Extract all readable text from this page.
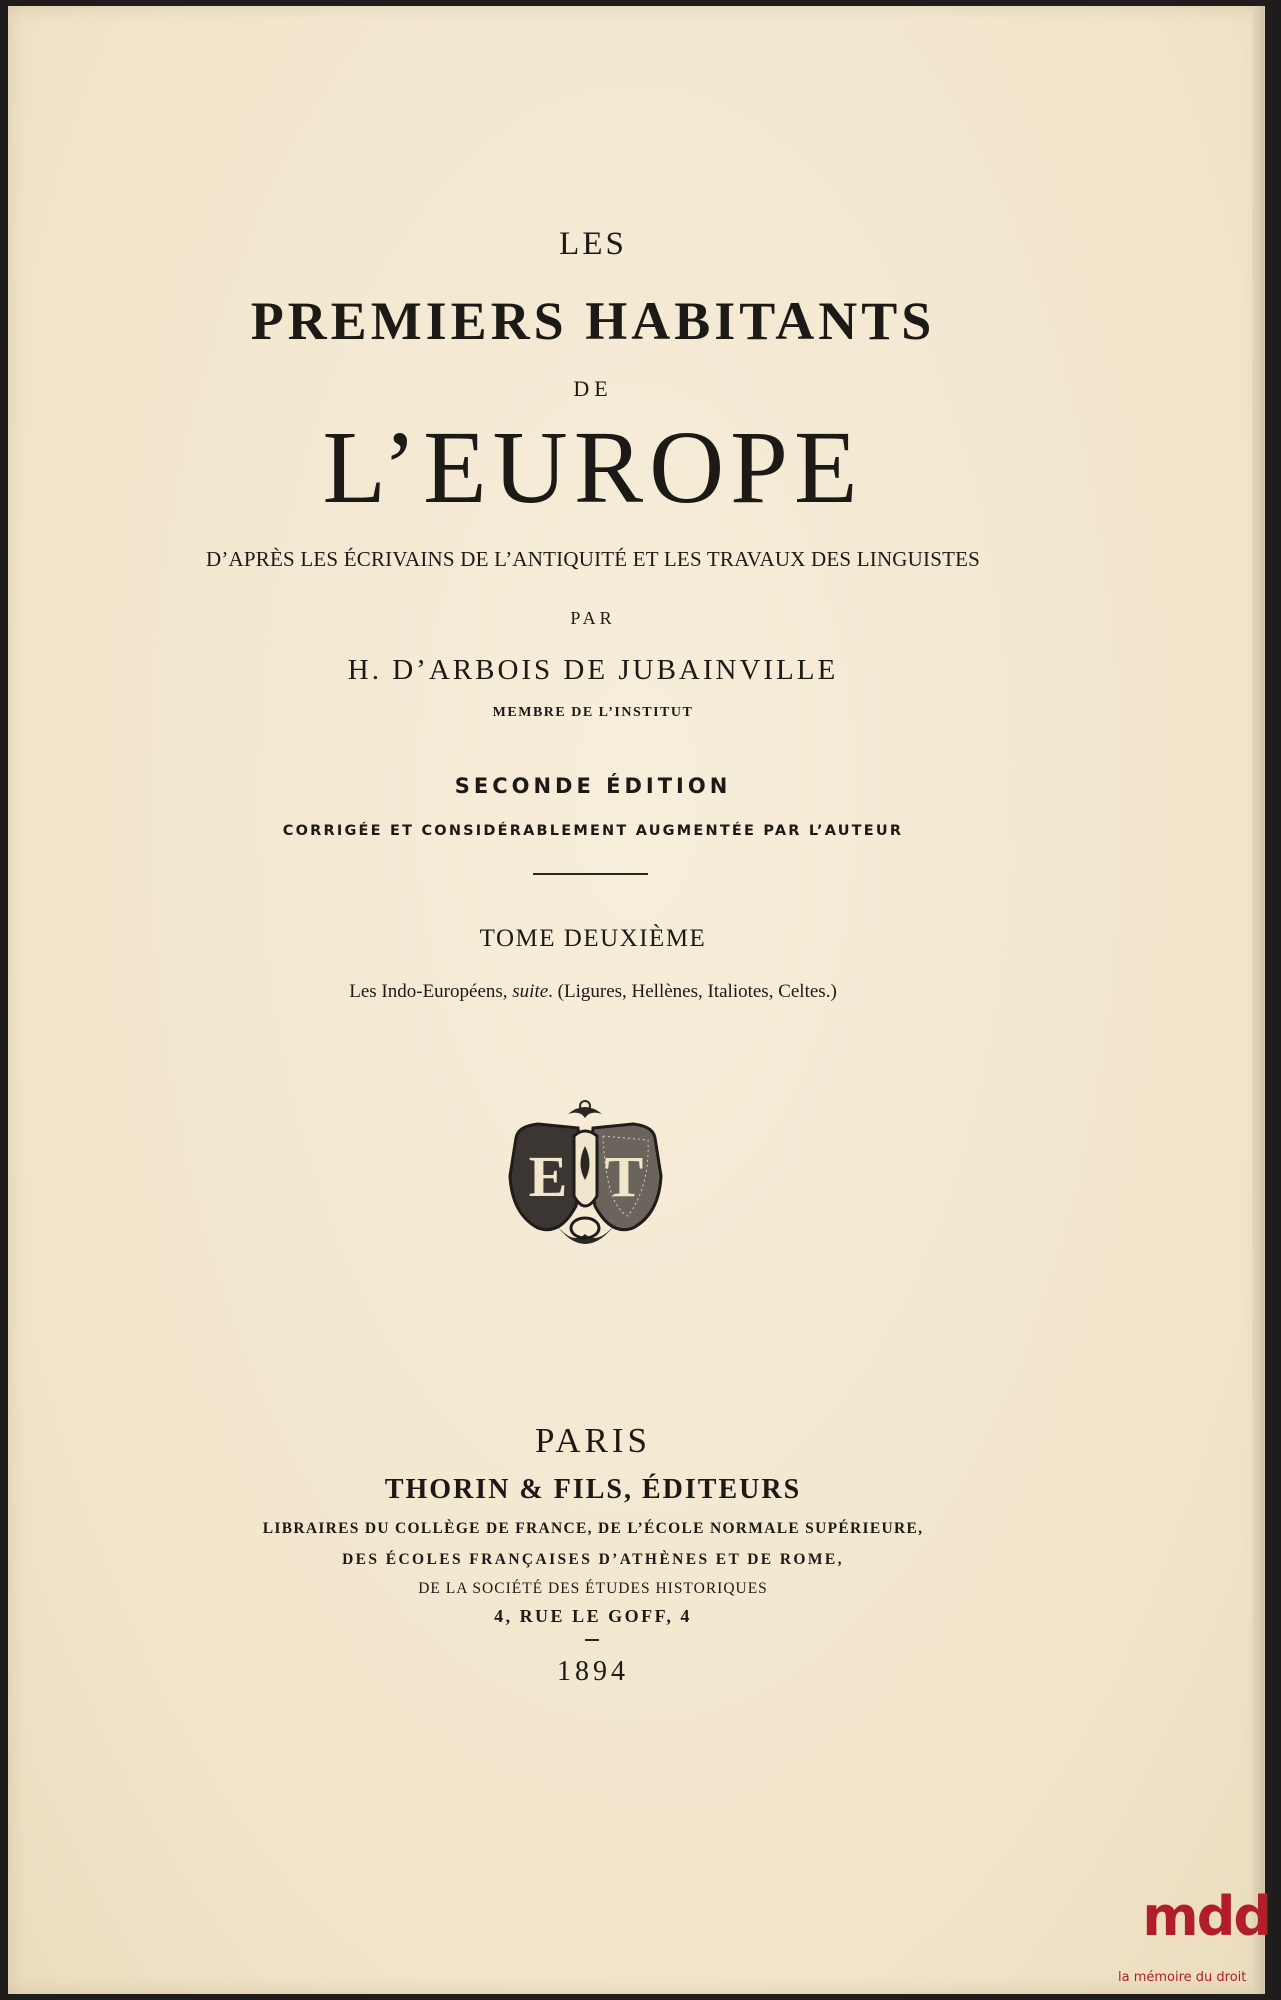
LES
PREMIERS HABITANTS
DE
L’EUROPE
D’APRÈS LES ÉCRIVAINS DE L’ANTIQUITÉ ET LES TRAVAUX DES LINGUISTES
PAR
H. D’ARBOIS DE JUBAINVILLE
MEMBRE DE L’INSTITUT
SECONDE ÉDITION
CORRIGÉE ET CONSIDÉRABLEMENT AUGMENTÉE PAR L’AUTEUR
TOME DEUXIÈME
Les Indo-Européens, suite. (Ligures, Hellènes, Italiotes, Celtes.)
E T
PARIS
THORIN & FILS, ÉDITEURS
LIBRAIRES DU COLLÈGE DE FRANCE, DE L’ÉCOLE NORMALE SUPÉRIEURE,
DES ÉCOLES FRANÇAISES D’ATHÈNES ET DE ROME,
DE LA SOCIÉTÉ DES ÉTUDES HISTORIQUES
4, RUE LE GOFF, 4
1894
mdd
la mémoire du droit
